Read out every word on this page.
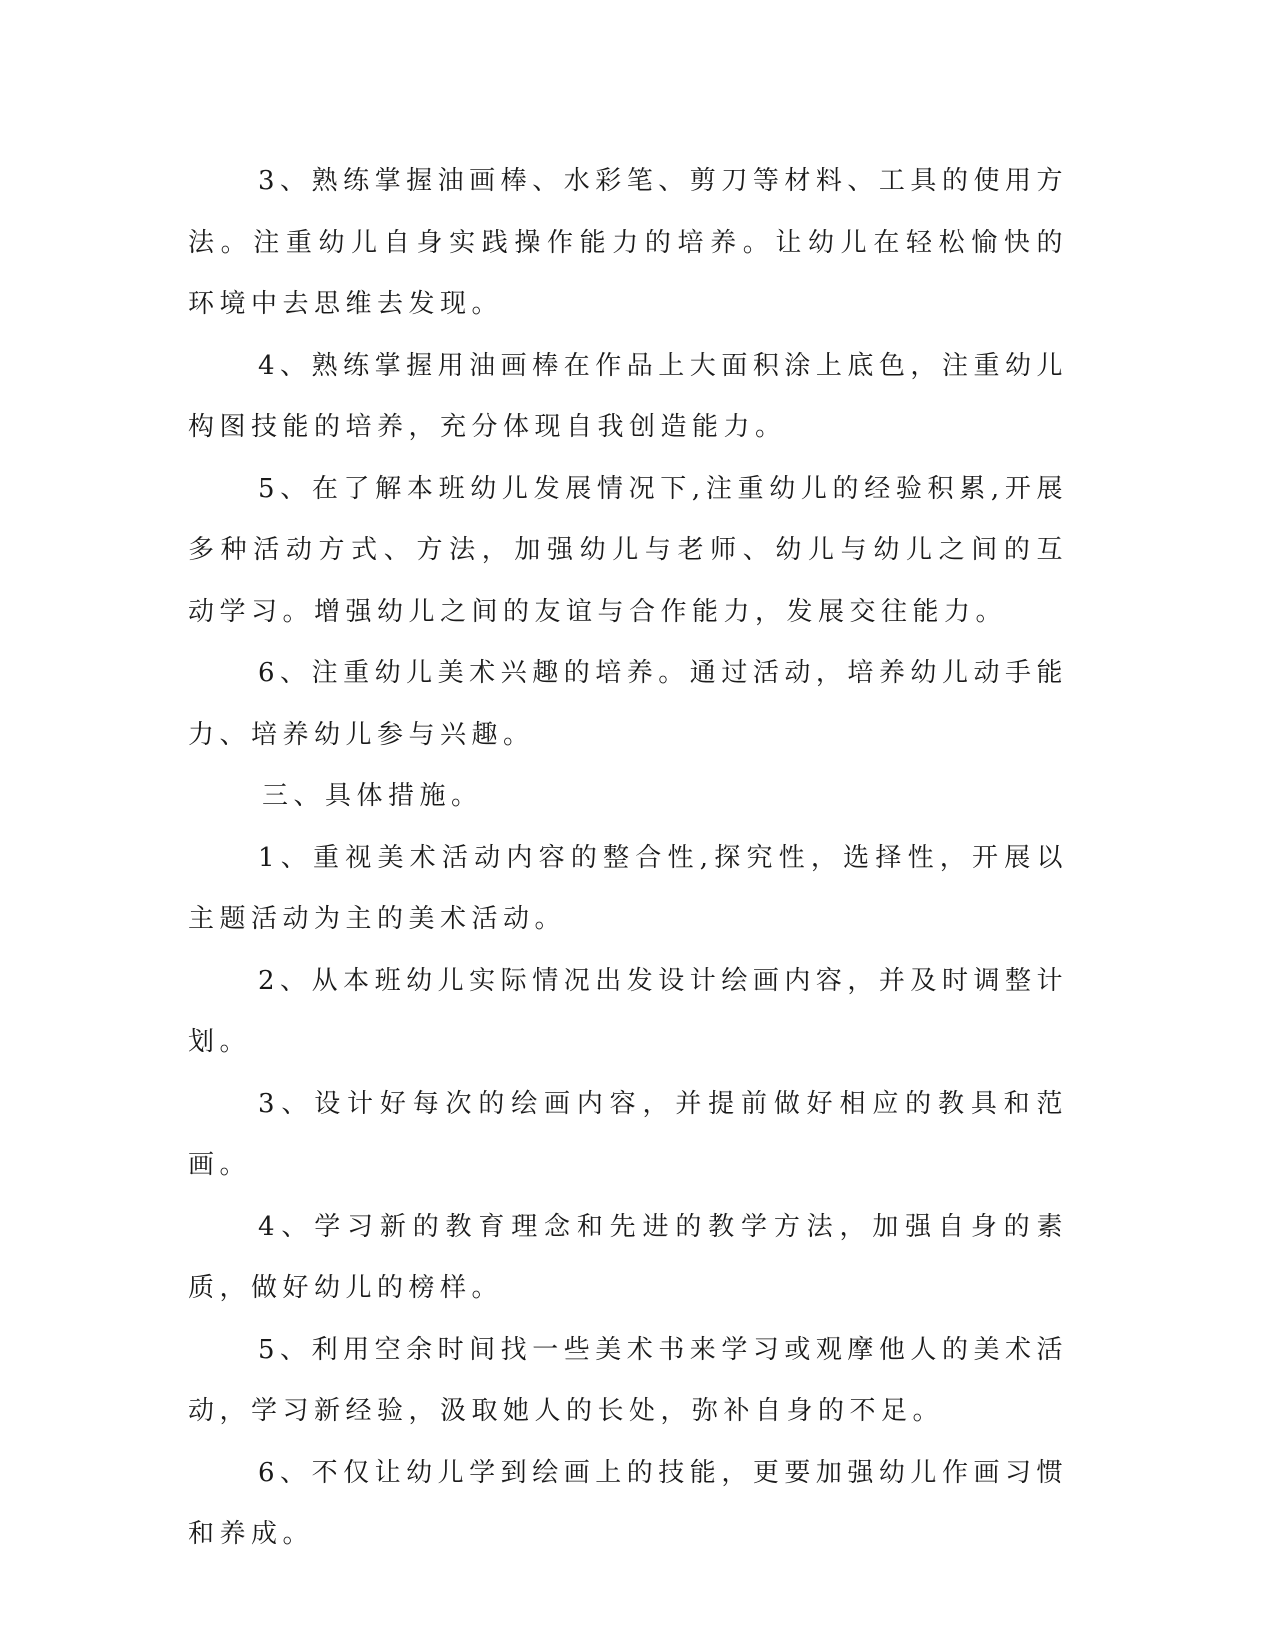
3、熟练掌握油画棒、水彩笔、剪刀等材料、工具的使用方法。注重幼儿自身实践操作能力的培养。让幼儿在轻松愉快的环境中去思维去发现。

4、熟练掌握用油画棒在作品上大面积涂上底色，注重幼儿构图技能的培养，充分体现自我创造能力。

5、在了解本班幼儿发展情况下,注重幼儿的经验积累,开展多种活动方式、方法，加强幼儿与老师、幼儿与幼儿之间的互动学习。增强幼儿之间的友谊与合作能力，发展交往能力。

6、注重幼儿美术兴趣的培养。通过活动，培养幼儿动手能力、培养幼儿参与兴趣。

三、具体措施。

1、重视美术活动内容的整合性,探究性，选择性，开展以主题活动为主的美术活动。

2、从本班幼儿实际情况出发设计绘画内容，并及时调整计划。

3、设计好每次的绘画内容，并提前做好相应的教具和范画。

4、学习新的教育理念和先进的教学方法，加强自身的素质，做好幼儿的榜样。

5、利用空余时间找一些美术书来学习或观摩他人的美术活动，学习新经验，汲取她人的长处，弥补自身的不足。

6、不仅让幼儿学到绘画上的技能，更要加强幼儿作画习惯和养成。
